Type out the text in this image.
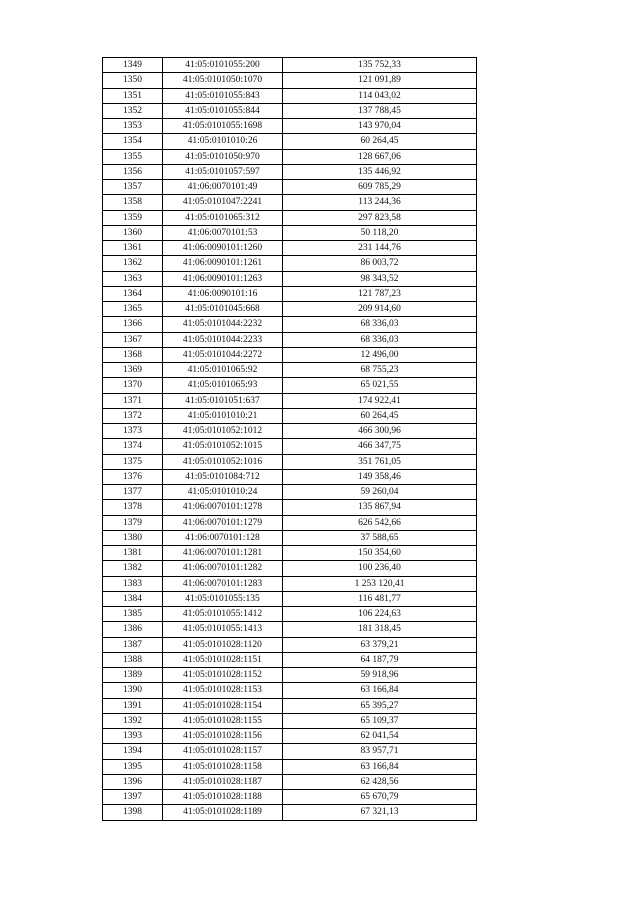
1349	41:05:0101055:200	135 752,33
1350	41:05:0101050:1070	121 091,89
1351	41:05:0101055:843	114 043,02
1352	41:05:0101055:844	137 788,45
1353	41:05:0101055:1698	143 970,04
1354	41:05:0101010:26	60 264,45
1355	41:05:0101050:970	128 667,06
1356	41:05:0101057:597	135 446,92
1357	41:06:0070101:49	609 785,29
1358	41:05:0101047:2241	113 244,36
1359	41:05:0101065:312	297 823,58
1360	41:06:0070101:53	50 118,20
1361	41:06:0090101:1260	231 144,76
1362	41:06:0090101:1261	86 003,72
1363	41:06:0090101:1263	98 343,52
1364	41:06:0090101:16	121 787,23
1365	41:05:0101045:668	209 914,60
1366	41:05:0101044:2232	68 336,03
1367	41:05:0101044:2233	68 336,03
1368	41:05:0101044:2272	12 496,00
1369	41:05:0101065:92	68 755,23
1370	41:05:0101065:93	65 021,55
1371	41:05:0101051:637	174 922,41
1372	41:05:0101010:21	60 264,45
1373	41:05:0101052:1012	466 300,96
1374	41:05:0101052:1015	466 347,75
1375	41:05:0101052:1016	351 761,05
1376	41:05:0101084:712	149 358,46
1377	41:05:0101010:24	59 260,04
1378	41:06:0070101:1278	135 867,94
1379	41:06:0070101:1279	626 542,66
1380	41:06:0070101:128	37 588,65
1381	41:06:0070101:1281	150 354,60
1382	41:06:0070101:1282	100 236,40
1383	41:06:0070101:1283	1 253 120,41
1384	41:05:0101055:135	116 481,77
1385	41:05:0101055:1412	106 224,63
1386	41:05:0101055:1413	181 318,45
1387	41:05:0101028:1120	63 379,21
1388	41:05:0101028:1151	64 187,79
1389	41:05:0101028:1152	59 918,96
1390	41:05:0101028:1153	63 166,84
1391	41:05:0101028:1154	65 395,27
1392	41:05:0101028:1155	65 109,37
1393	41:05:0101028:1156	62 041,54
1394	41:05:0101028:1157	83 957,71
1395	41:05:0101028:1158	63 166,84
1396	41:05:0101028:1187	62 428,56
1397	41:05:0101028:1188	65 670,79
1398	41:05:0101028:1189	67 321,13
